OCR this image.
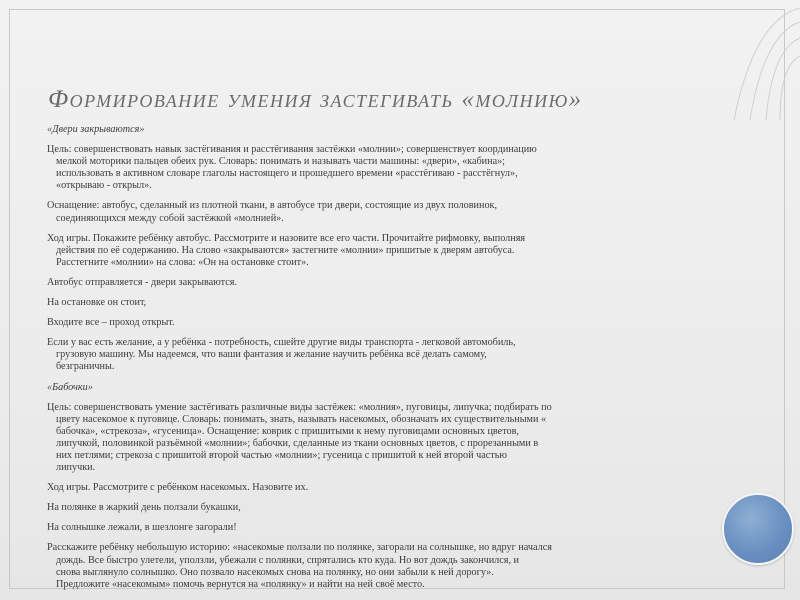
Формирование умения застегивать «молнию»
«Двери закрываются»
Цель: совершенствовать навык застёгивания и расстёгивания застёжки «молнии»; совершенствует координацию
мелкой моторики пальцев обеих рук. Словарь: понимать и называть части машины: «двери», «кабина»;
использовать в активном словаре глаголы настоящего и прошедшего времени «расстёгиваю - расстёгнул»,
«открываю - открыл».
Оснащение: автобус, сделанный из плотной ткани, в автобусе три двери, состоящие из двух половинок,
соединяющихся между собой застёжкой «молнией».
Ход игры. Покажите ребёнку автобус. Рассмотрите и назовите все его части. Прочитайте рифмовку, выполняя
действия по её содержанию. На слово «закрываются» застегните «молнии» пришитые к дверям автобуса.
Расстегните «молнии» на слова: «Он на остановке стоит».
Автобус отправляется - двери закрываются.
На остановке он стоит,
Входите все – проход открыт.
Если у вас есть желание, а у ребёнка - потребность, сшейте другие виды транспорта - легковой автомобиль,
грузовую машину. Мы надеемся, что ваши фантазия и желание научить ребёнка всё делать самому,
безграничны.
«Бабочки»
Цель: совершенствовать умение застёгивать различные виды застёжек: «молния», пуговицы, липучка; подбирать по
цвету насекомое к пуговице. Словарь: понимать, знать, называть насекомых, обозначать их существительными «
бабочка», «стрекоза», «гусеница». Оснащение: коврик с пришитыми к нему пуговицами основных цветов,
липучкой, половинкой разъёмной «молнии»; бабочки, сделанные из ткани основных цветов, с прорезанными в
них петлями; стрекоза с пришитой второй частью «молнии»; гусеница с пришитой к ней второй частью
липучки.
Ход игры. Рассмотрите с ребёнком насекомых. Назовите их.
На полянке в жаркий день ползали букашки,
На солнышке лежали, в шезлонге загорали!
Расскажите ребёнку небольшую историю: «насекомые ползали по полянке, загорали на солнышке, но вдруг начался
дождь. Все быстро улетели, уползли, убежали с полянки, спрятались кто куда. Но вот дождь закончился, и
снова выглянуло солнышко. Оно позвало насекомых снова на полянку, но они забыли к ней дорогу».
Предложите «насекомым» помочь вернутся на «полянку» и найти на ней своё место.
